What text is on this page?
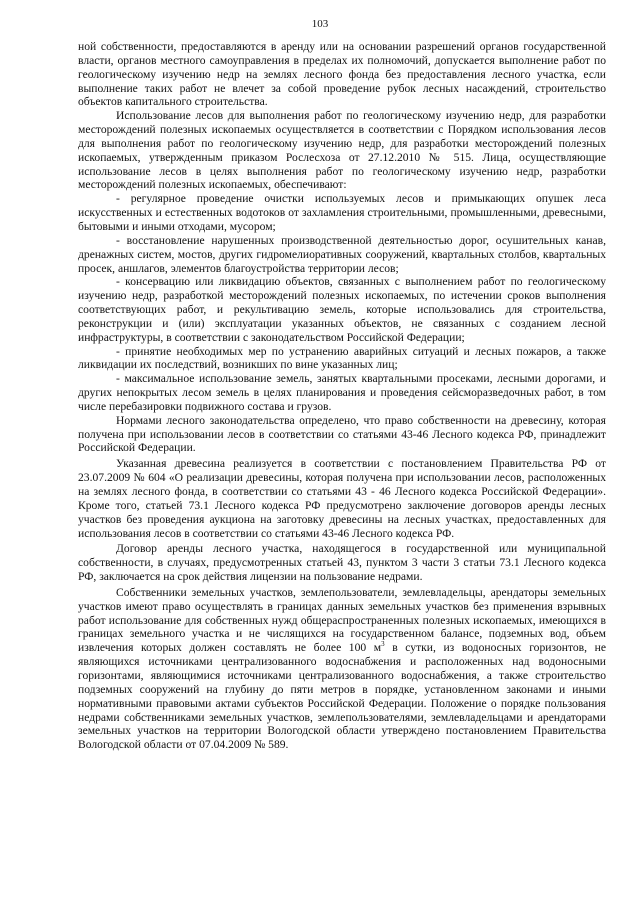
103

ной собственности, предоставляются в аренду или на основании разрешений органов государственной власти, органов местного самоуправления в пределах их полномочий, допускается выполнение работ по геологическому изучению недр на землях лесного фонда без предоставления лесного участка, если выполнение таких работ не влечет за собой проведение рубок лесных насаждений, строительство объектов капитального строительства.

Использование лесов для выполнения работ по геологическому изучению недр, для разработки месторождений полезных ископаемых осуществляется в соответствии с Порядком использования лесов для выполнения работ по геологическому изучению недр, для разработки месторождений полезных ископаемых, утвержденным приказом Рослесхоза от 27.12.2010 № 515. Лица, осуществляющие использование лесов в целях выполнения работ по геологическому изучению недр, разработки месторождений полезных ископаемых, обеспечивают:

- регулярное проведение очистки используемых лесов и примыкающих опушек леса искусственных и естественных водотоков от захламления строительными, промышленными, древесными, бытовыми и иными отходами, мусором;

- восстановление нарушенных производственной деятельностью дорог, осушительных канав, дренажных систем, мостов, других гидромелиоративных сооружений, квартальных столбов, квартальных просек, аншлагов, элементов благоустройства территории лесов;

- консервацию или ликвидацию объектов, связанных с выполнением работ по геологическому изучению недр, разработкой месторождений полезных ископаемых, по истечении сроков выполнения соответствующих работ, и рекультивацию земель, которые использовались для строительства, реконструкции и (или) эксплуатации указанных объектов, не связанных с созданием лесной инфраструктуры, в соответствии с законодательством Российской Федерации;

- принятие необходимых мер по устранению аварийных ситуаций и лесных пожаров, а также ликвидации их последствий, возникших по вине указанных лиц;

- максимальное использование земель, занятых квартальными просеками, лесными дорогами, и других непокрытых лесом земель в целях планирования и проведения сейсморазведочных работ, в том числе перебазировки подвижного состава и грузов.

Нормами лесного законодательства определено, что право собственности на древесину, которая получена при использовании лесов в соответствии со статьями 43-46 Лесного кодекса РФ, принадлежит Российской Федерации.

Указанная древесина реализуется в соответствии с постановлением Правительства РФ от 23.07.2009 № 604 «О реализации древесины, которая получена при использовании лесов, расположенных на землях лесного фонда, в соответствии со статьями 43 - 46 Лесного кодекса Российской Федерации». Кроме того, статьей 73.1 Лесного кодекса РФ предусмотрено заключение договоров аренды лесных участков без проведения аукциона на заготовку древесины на лесных участках, предоставленных для использования лесов в соответствии со статьями 43-46 Лесного кодекса РФ.

Договор аренды лесного участка, находящегося в государственной или муниципальной собственности, в случаях, предусмотренных статьей 43, пунктом 3 части 3 статьи 73.1 Лесного кодекса РФ, заключается на срок действия лицензии на пользование недрами.

Собственники земельных участков, землепользователи, землевладельцы, арендаторы земельных участков имеют право осуществлять в границах данных земельных участков без применения взрывных работ использование для собственных нужд общераспространенных полезных ископаемых, имеющихся в границах земельного участка и не числящихся на государственном балансе, подземных вод, объем извлечения которых должен составлять не более 100 $м^3$ в сутки, из водоносных горизонтов, не являющихся источниками централизованного водоснабжения и расположенных над водоносными горизонтами, являющимися источниками централизованного водоснабжения, а также строительство подземных сооружений на глубину до пяти метров в порядке, установленном законами и иными нормативными правовыми актами субъектов Российской Федерации. Положение о порядке пользования недрами собственниками земельных участков, землепользователями, землевладельцами и арендаторами земельных участков на территории Вологодской области утверждено постановлением Правительства Вологодской области от 07.04.2009 № 589.
